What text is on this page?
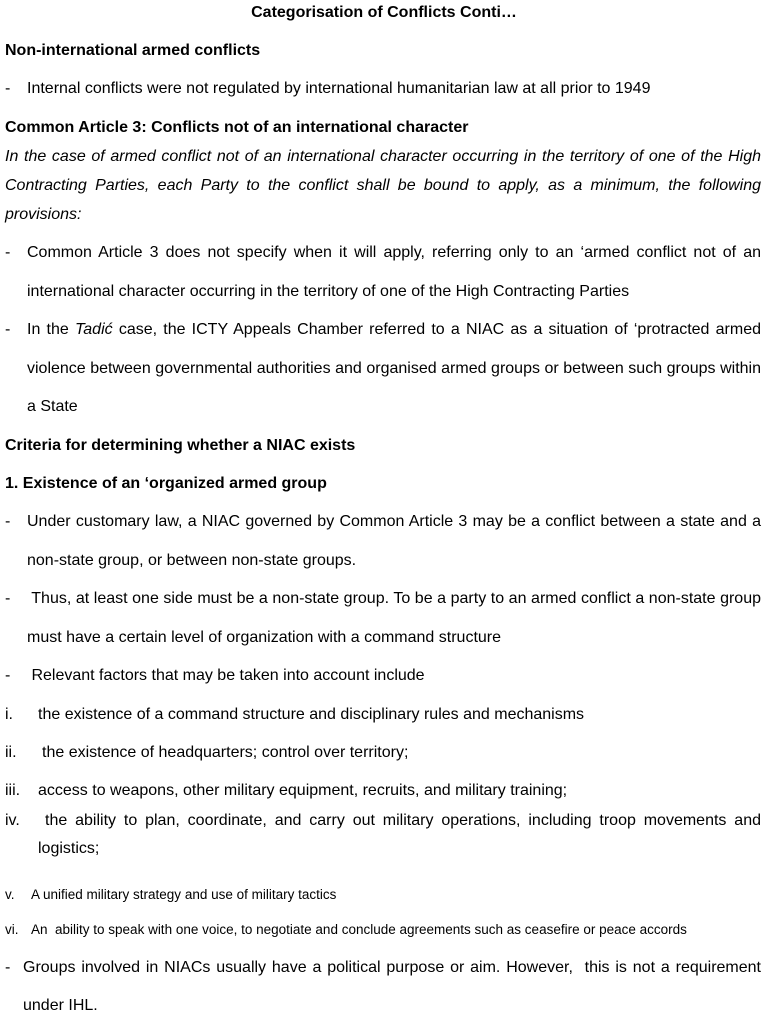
Categorisation of Conflicts Conti…
Non-international armed conflicts
- Internal conflicts were not regulated by international humanitarian law at all prior to 1949
Common Article 3: Conflicts not of an international character
In the case of armed conflict not of an international character occurring in the territory of one of the High
Contracting Parties, each Party to the conflict shall be bound to apply, as a minimum, the following
provisions:
- Common Article 3 does not specify when it will apply, referring only to an ‘armed conflict not of an
international character occurring in the territory of one of the High Contracting Parties
- In the Tadić case, the ICTY Appeals Chamber referred to a NIAC as a situation of ‘protracted armed
violence between governmental authorities and organised armed groups or between such groups within
a State
Criteria for determining whether a NIAC exists
1. Existence of an ‘organized armed group
- Under customary law, a NIAC governed by Common Article 3 may be a conflict between a state and a
non-state group, or between non-state groups.
- Thus, at least one side must be a non-state group. To be a party to an armed conflict a non-state group
must have a certain level of organization with a command structure
- Relevant factors that may be taken into account include
i. the existence of a command structure and disciplinary rules and mechanisms
ii. the existence of headquarters; control over territory;
iii. access to weapons, other military equipment, recruits, and military training;
iv. the ability to plan, coordinate, and carry out military operations, including troop movements and
logistics;
v. A unified military strategy and use of military tactics
vi. An  ability to speak with one voice, to negotiate and conclude agreements such as ceasefire or peace accords
- Groups involved in NIACs usually have a political purpose or aim. However,  this is not a requirement
under IHL.
